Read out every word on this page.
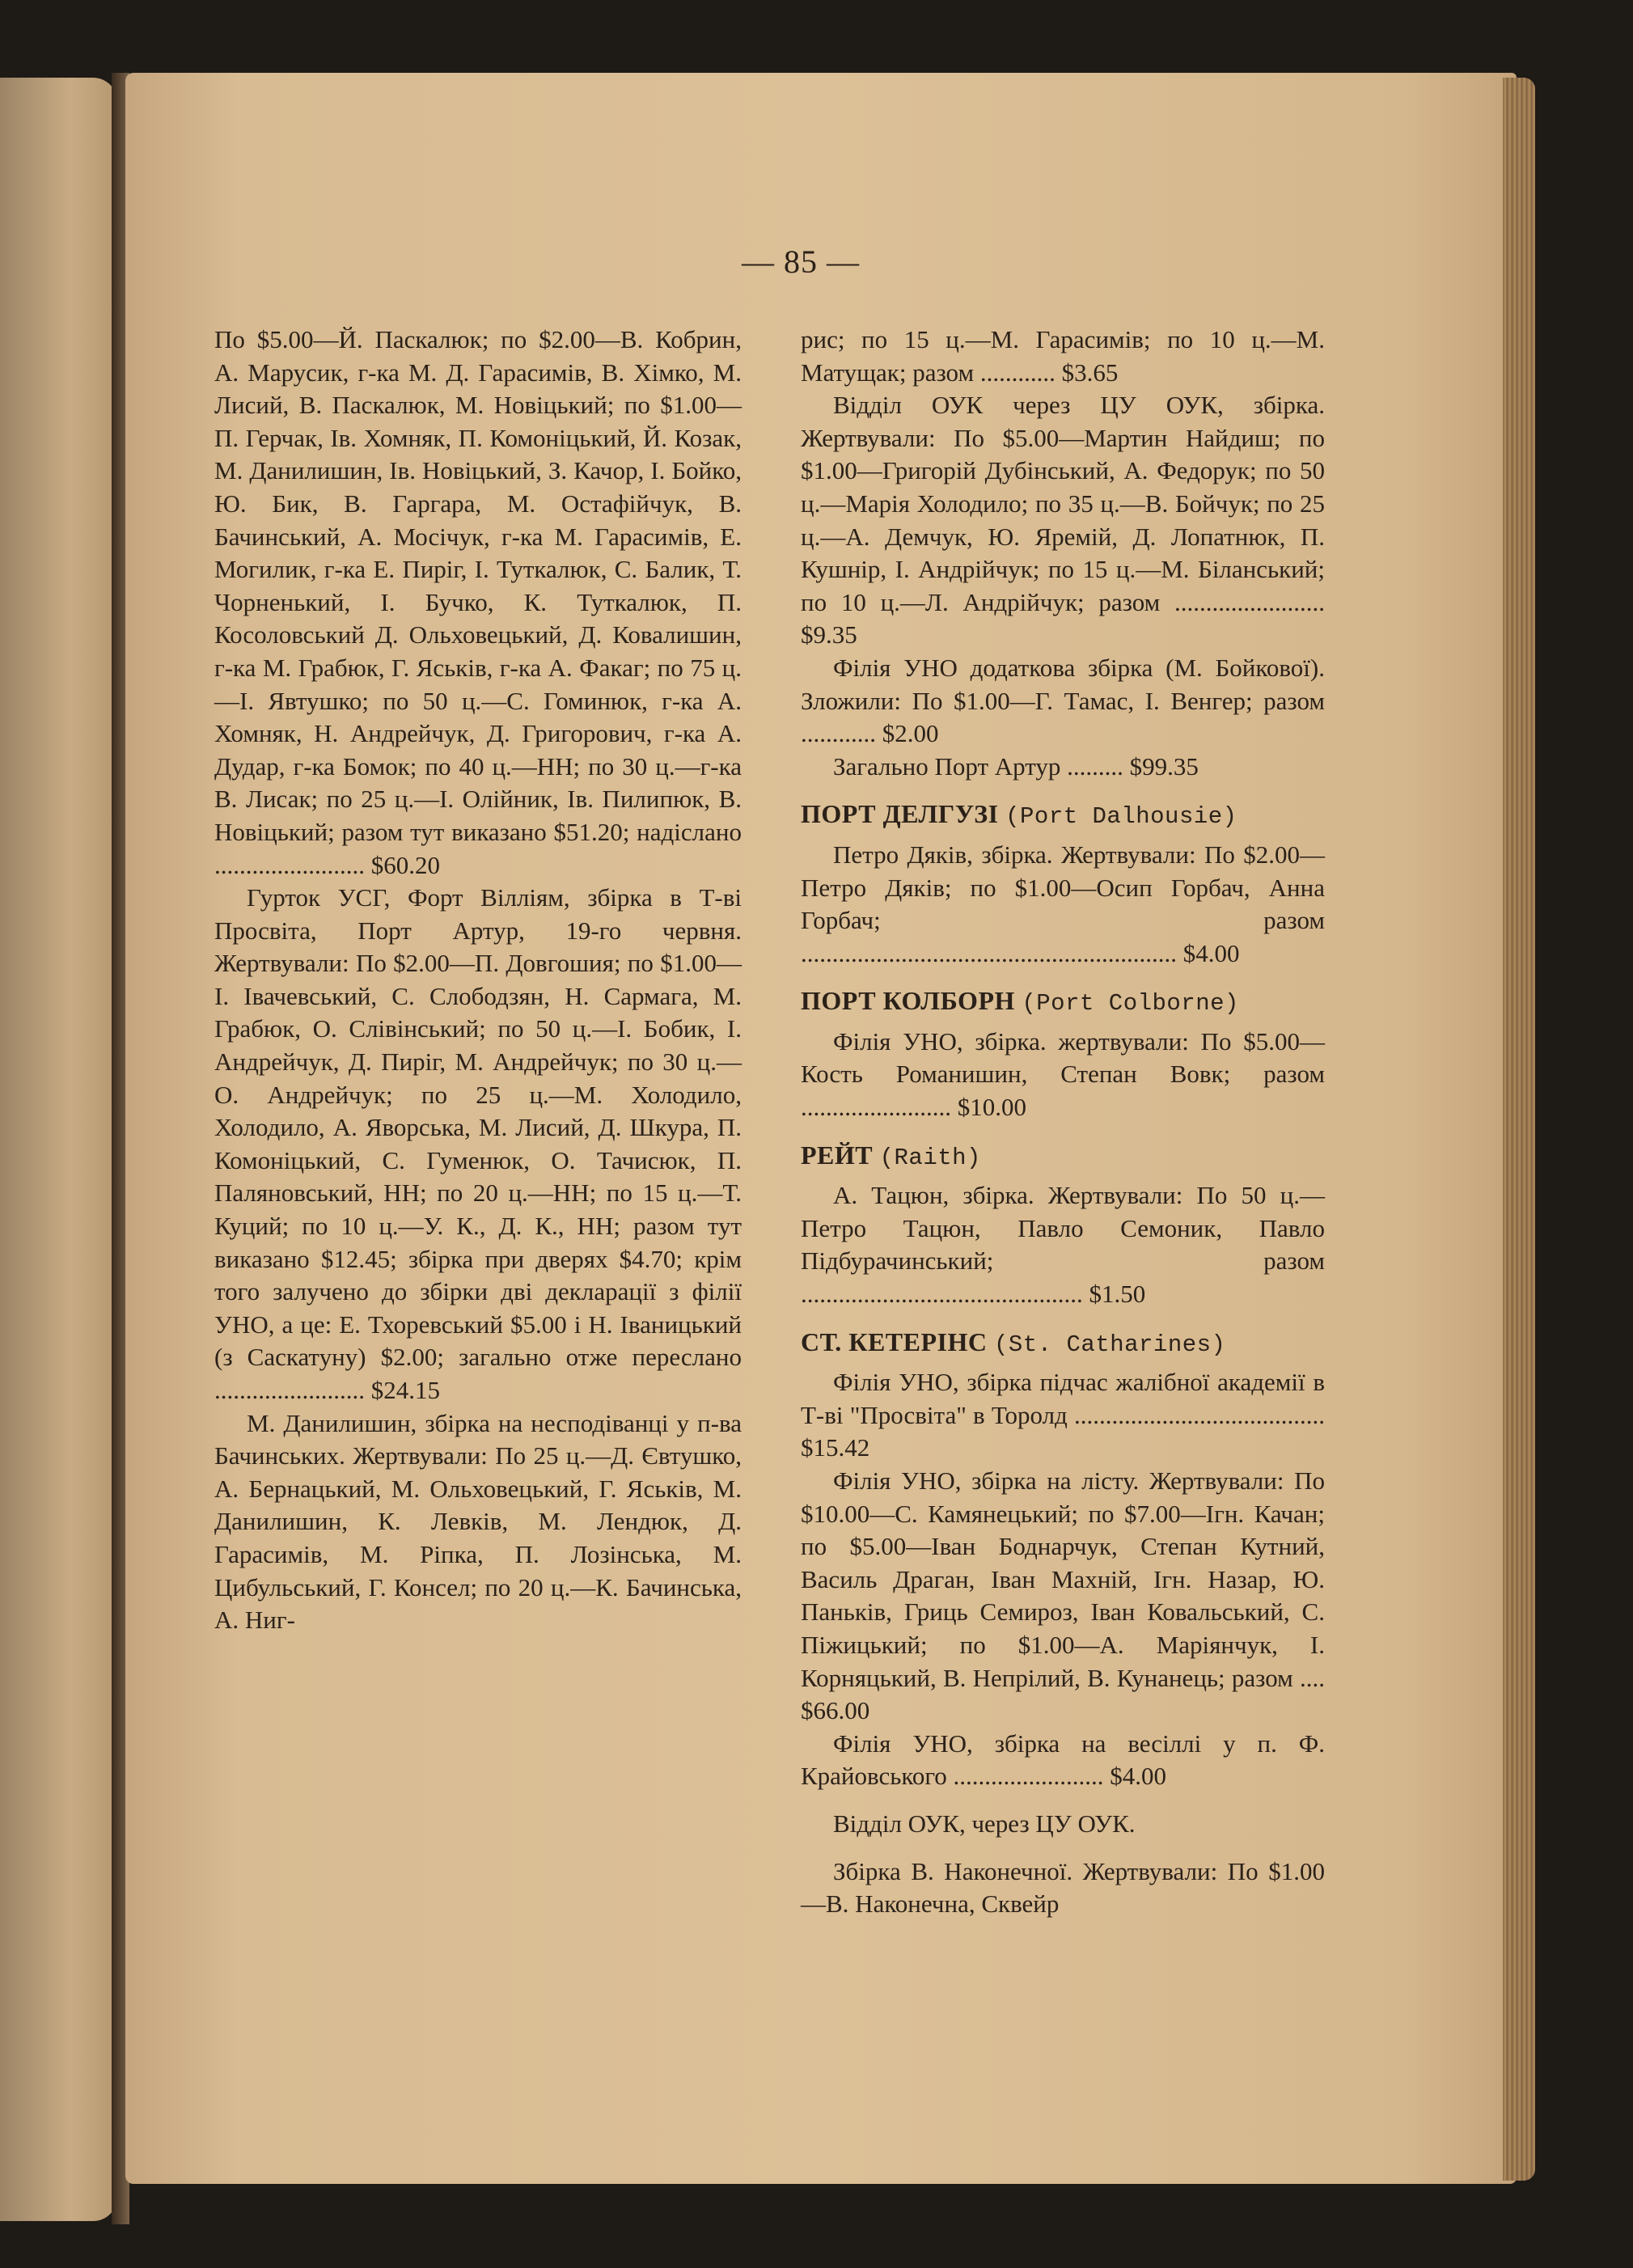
— 85 —

По $5.00—Й. Паскалюк; по $2.00—В. Кобрин, А. Марусик, г-ка М. Д. Гарасимів, В. Хімко, М. Лисий, В. Паскалюк, М. Новіцький; по $1.00—П. Герчак, Ів. Хомняк, П. Комоніцький, Й. Козак, М. Данилишин, Ів. Новіцький, З. Качор, І. Бойко, Ю. Бик, В. Гаргара, М. Остафійчук, В. Бачинський, А. Мосічук, г-ка М. Гарасимів, Е. Могилик, г-ка Е. Пиріг, І. Туткалюк, С. Балик, Т. Чорненький, І. Бучко, К. Туткалюк, П. Косоловський Д. Ольховецький, Д. Ковалишин, г-ка М. Грабюк, Г. Яськів, г-ка А. Факаг; по 75 ц.—І. Явтушко; по 50 ц.—С. Гоминюк, г-ка А. Хомняк, Н. Андрейчук, Д. Григорович, г-ка А. Дудар, г-ка Бомок; по 40 ц.—НН; по 30 ц.—г-ка В. Лисак; по 25 ц.—І. Олійник, Ів. Пилипюк, В. Новіцький; разом тут виказано $51.20; надіслано ........................ $60.20

Гурток УСГ, Форт Вілліям, збірка в Т-ві Просвіта, Порт Артур, 19-го червня. Жертвували: По $2.00—П. Довгошия; по $1.00—І. Івачевський, С. Слободзян, Н. Сармага, М. Грабюк, О. Слівінський; по 50 ц.—І. Бобик, І. Андрейчук, Д. Пиріг, М. Андрейчук; по 30 ц.—О. Андрейчук; по 25 ц.—М. Холодило, Холодило, А. Яворська, М. Лисий, Д. Шкура, П. Комоніцький, С. Гуменюк, О. Тачисюк, П. Паляновський, НН; по 20 ц.—НН; по 15 ц.—Т. Куций; по 10 ц.—У. К., Д. К., НН; разом тут виказано $12.45; збірка при дверях $4.70; крім того залучено до збірки дві декларації з філії УНО, а це: Е. Тхоревський $5.00 і Н. Іваницький (з Саскатуну) $2.00; загально отже переслано ........................ $24.15

М. Данилишин, збірка на несподіванці у п-ва Бачинських. Жертвували: По 25 ц.—Д. Євтушко, А. Бернацький, М. Ольховецький, Г. Яськів, М. Данилишин, К. Левків, М. Лендюк, Д. Гарасимів, М. Ріпка, П. Лозінська, М. Цибульський, Г. Консел; по 20 ц.—К. Бачинська, А. Ниг-

рис; по 15 ц.—М. Гарасимів; по 10 ц.—М. Матущак; разом ............ $3.65

Відділ ОУК через ЦУ ОУК, збірка. Жертвували: По $5.00—Мартин Найдиш; по $1.00—Григорій Дубінський, А. Федорук; по 50 ц.—Марія Холодило; по 35 ц.—В. Бойчук; по 25 ц.—А. Демчук, Ю. Яремій, Д. Лопатнюк, П. Кушнір, І. Андрійчук; по 15 ц.—М. Біланський; по 10 ц.—Л. Андрійчук; разом ........................ $9.35

Філія УНО додаткова збірка (М. Бойкової). Зложили: По $1.00—Г. Тамас, І. Венгер; разом ............ $2.00

Загально Порт Артур ......... $99.35

ПОРТ ДЕЛГУЗІ (Port Dalhousie)

Петро Дяків, збірка. Жертвували: По $2.00—Петро Дяків; по $1.00—Осип Горбач, Анна Горбач; разом ............................................................ $4.00

ПОРТ КОЛБОРН (Port Colborne)

Філія УНО, збірка. жертвували: По $5.00—Кость Романишин, Степан Вовк; разом ........................ $10.00

РЕЙТ (Raith)

А. Тацюн, збірка. Жертвували: По 50 ц.—Петро Тацюн, Павло Семоник, Павло Підбурачинський; разом ............................................. $1.50

СТ. КЕТЕРІНС (St. Catharines)

Філія УНО, збірка підчас жалібної академії в Т-ві "Просвіта" в Торолд ........................................ $15.42

Філія УНО, збірка на лісту. Жертвували: По $10.00—С. Камянецький; по $7.00—Ігн. Качан; по $5.00—Іван Боднарчук, Степан Кутний, Василь Драган, Іван Махній, Ігн. Назар, Ю. Паньків, Гриць Семироз, Іван Ковальський, С. Піжицький; по $1.00—А. Маріянчук, І. Корняцький, В. Непрілий, В. Кунанець; разом .... $66.00

Філія УНО, збірка на весіллі у п. Ф. Крайовського ........................ $4.00

Відділ ОУК, через ЦУ ОУК.

Збірка В. Наконечної. Жертвували: По $1.00—В. Наконечна, Сквейр
